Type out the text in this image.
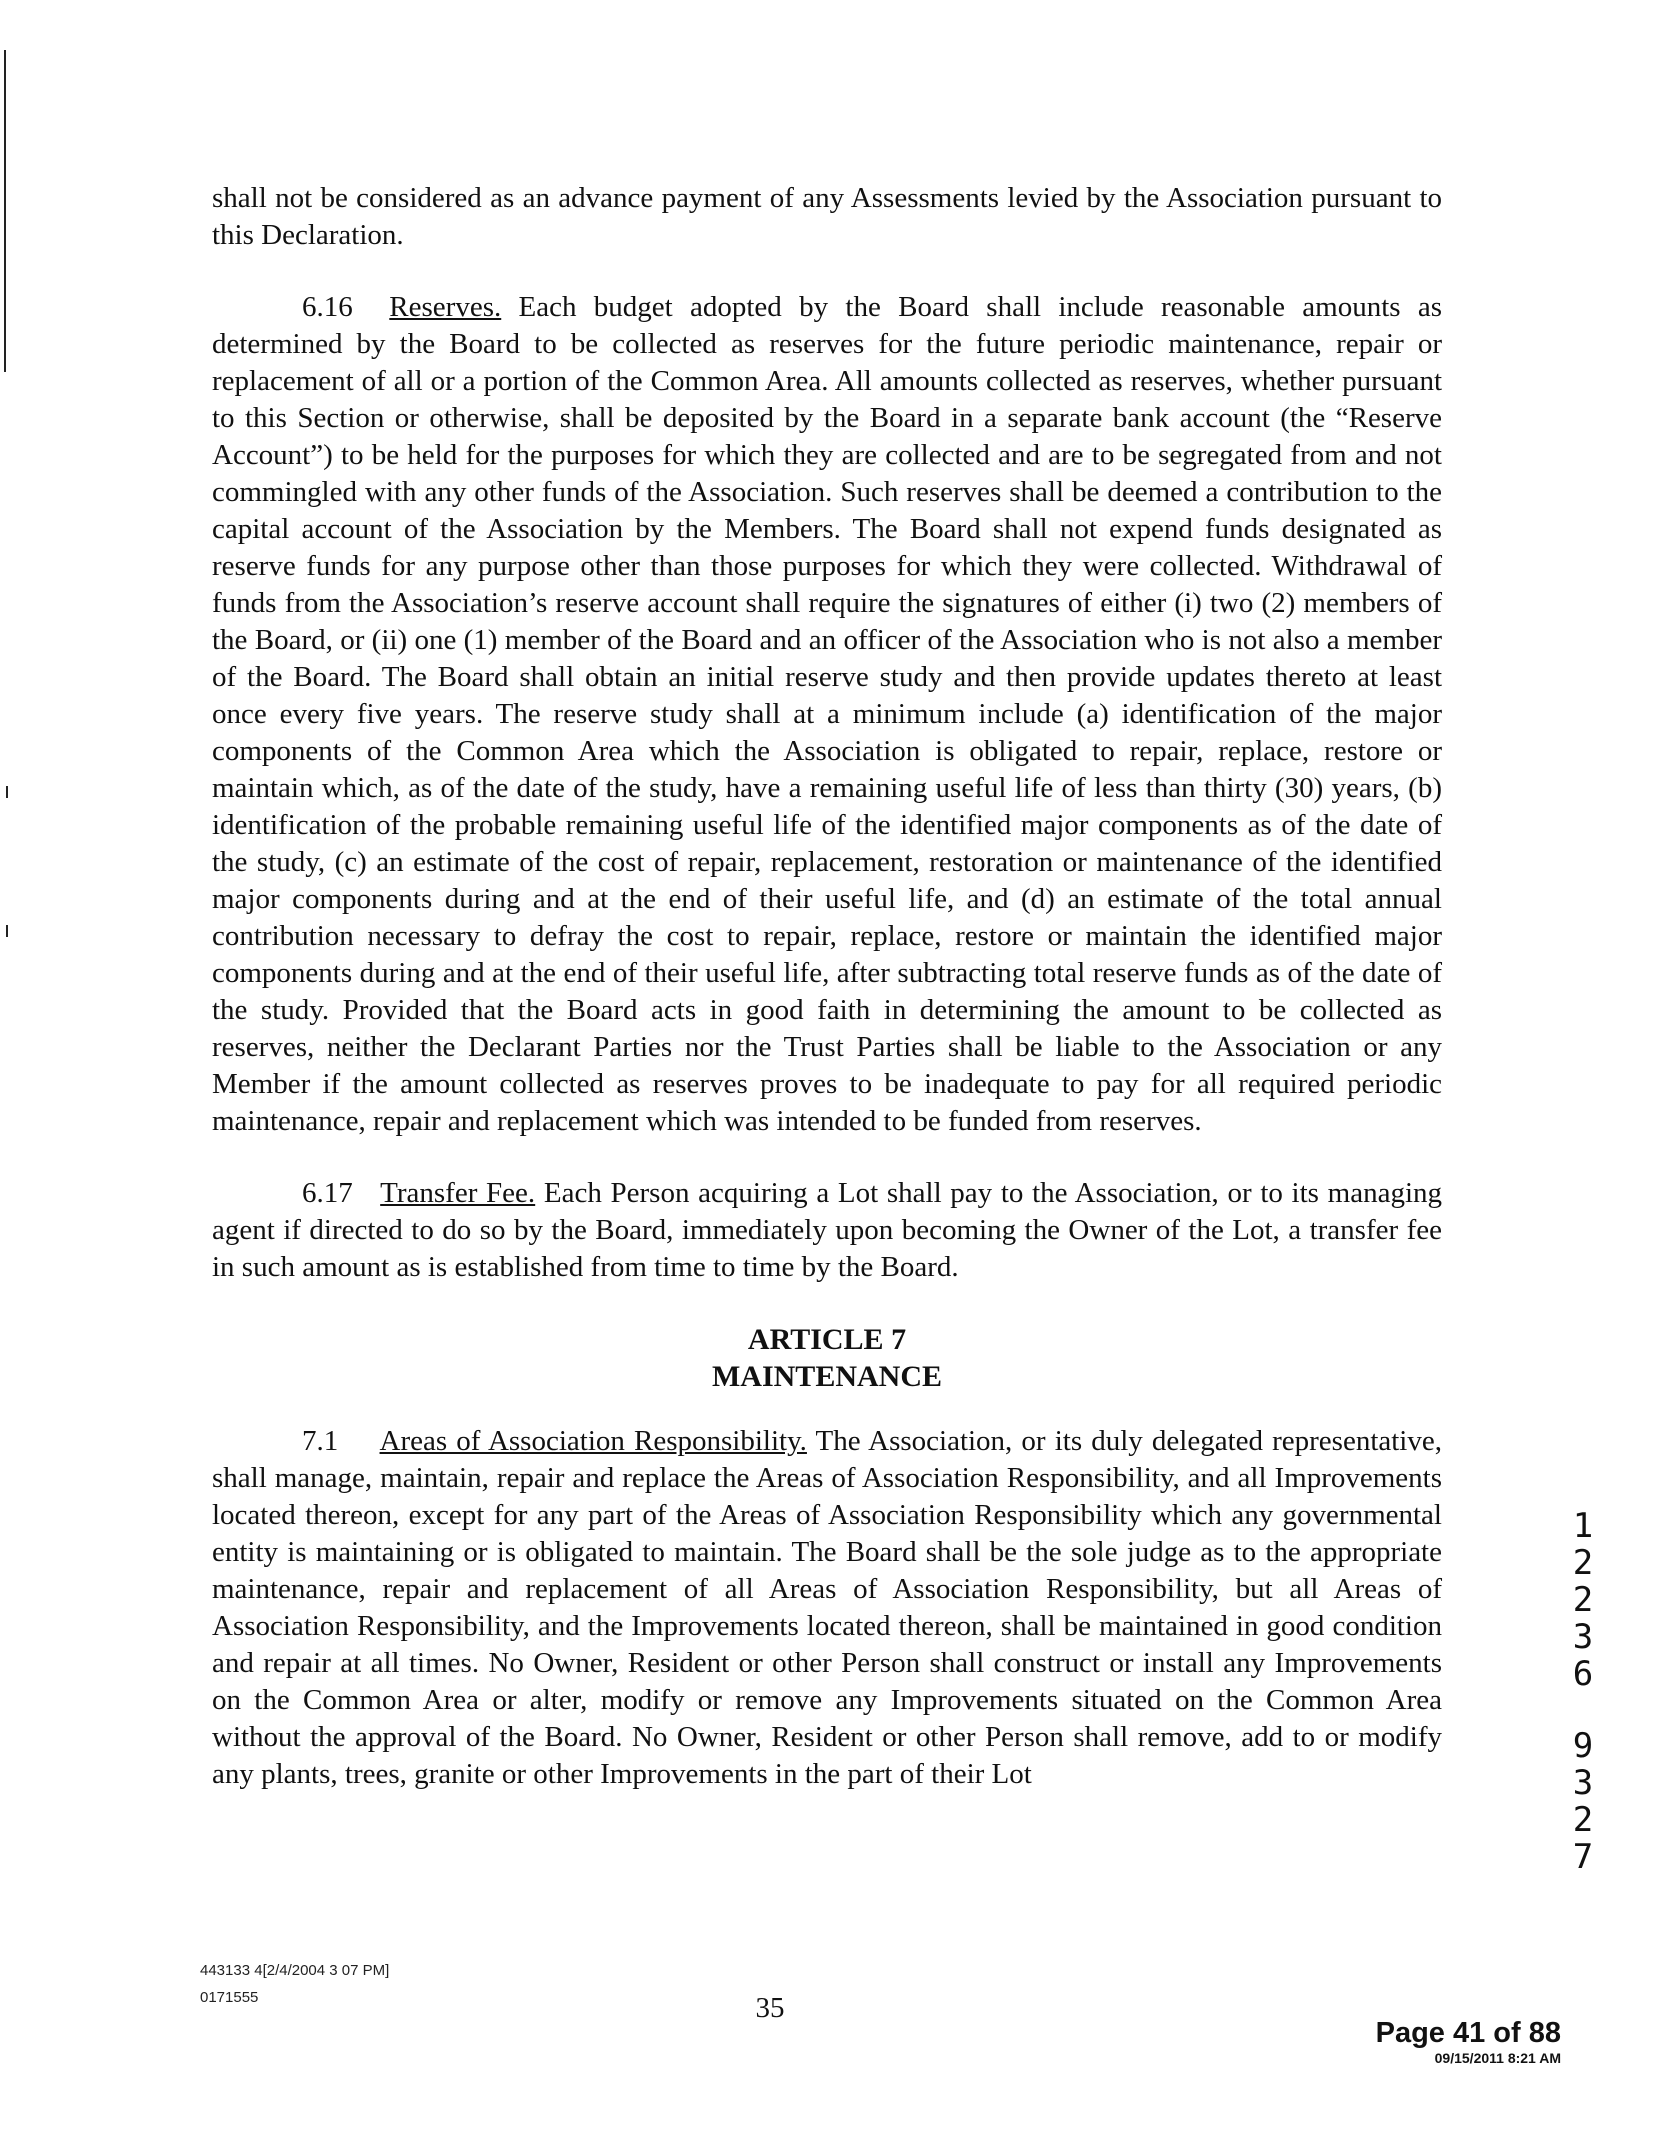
shall not be considered as an advance payment of any Assessments levied by the Association pursuant to this Declaration.

6.16 Reserves. Each budget adopted by the Board shall include reasonable amounts as determined by the Board to be collected as reserves for the future periodic maintenance, repair or replacement of all or a portion of the Common Area. All amounts collected as reserves, whether pursuant to this Section or otherwise, shall be deposited by the Board in a separate bank account (the “Reserve Account”) to be held for the purposes for which they are collected and are to be segregated from and not commingled with any other funds of the Association. Such reserves shall be deemed a contribution to the capital account of the Association by the Members. The Board shall not expend funds designated as reserve funds for any purpose other than those purposes for which they were collected. Withdrawal of funds from the Association’s reserve account shall require the signatures of either (i) two (2) members of the Board, or (ii) one (1) member of the Board and an officer of the Association who is not also a member of the Board. The Board shall obtain an initial reserve study and then provide updates thereto at least once every five years. The reserve study shall at a minimum include (a) identification of the major components of the Common Area which the Association is obligated to repair, replace, restore or maintain which, as of the date of the study, have a remaining useful life of less than thirty (30) years, (b) identification of the probable remaining useful life of the identified major components as of the date of the study, (c) an estimate of the cost of repair, replacement, restoration or maintenance of the identified major components during and at the end of their useful life, and (d) an estimate of the total annual contribution necessary to defray the cost to repair, replace, restore or maintain the identified major components during and at the end of their useful life, after subtracting total reserve funds as of the date of the study. Provided that the Board acts in good faith in determining the amount to be collected as reserves, neither the Declarant Parties nor the Trust Parties shall be liable to the Association or any Member if the amount collected as reserves proves to be inadequate to pay for all required periodic maintenance, repair and replacement which was intended to be funded from reserves.

6.17 Transfer Fee. Each Person acquiring a Lot shall pay to the Association, or to its managing agent if directed to do so by the Board, immediately upon becoming the Owner of the Lot, a transfer fee in such amount as is established from time to time by the Board.

ARTICLE 7
MAINTENANCE

7.1 Areas of Association Responsibility. The Association, or its duly delegated representative, shall manage, maintain, repair and replace the Areas of Association Responsibility, and all Improvements located thereon, except for any part of the Areas of Association Responsibility which any governmental entity is maintaining or is obligated to maintain. The Board shall be the sole judge as to the appropriate maintenance, repair and replacement of all Areas of Association Responsibility, but all Areas of Association Responsibility, and the Improvements located thereon, shall be maintained in good condition and repair at all times. No Owner, Resident or other Person shall construct or install any Improvements on the Common Area or alter, modify or remove any Improvements situated on the Common Area without the approval of the Board. No Owner, Resident or other Person shall remove, add to or modify any plants, trees, granite or other Improvements in the part of their Lot

443133 4[2/4/2004 3 07 PM]
0171555	35
1
2
2
3
6
9
3
2
7
Page 41 of 88
09/15/2011 8:21 AM
